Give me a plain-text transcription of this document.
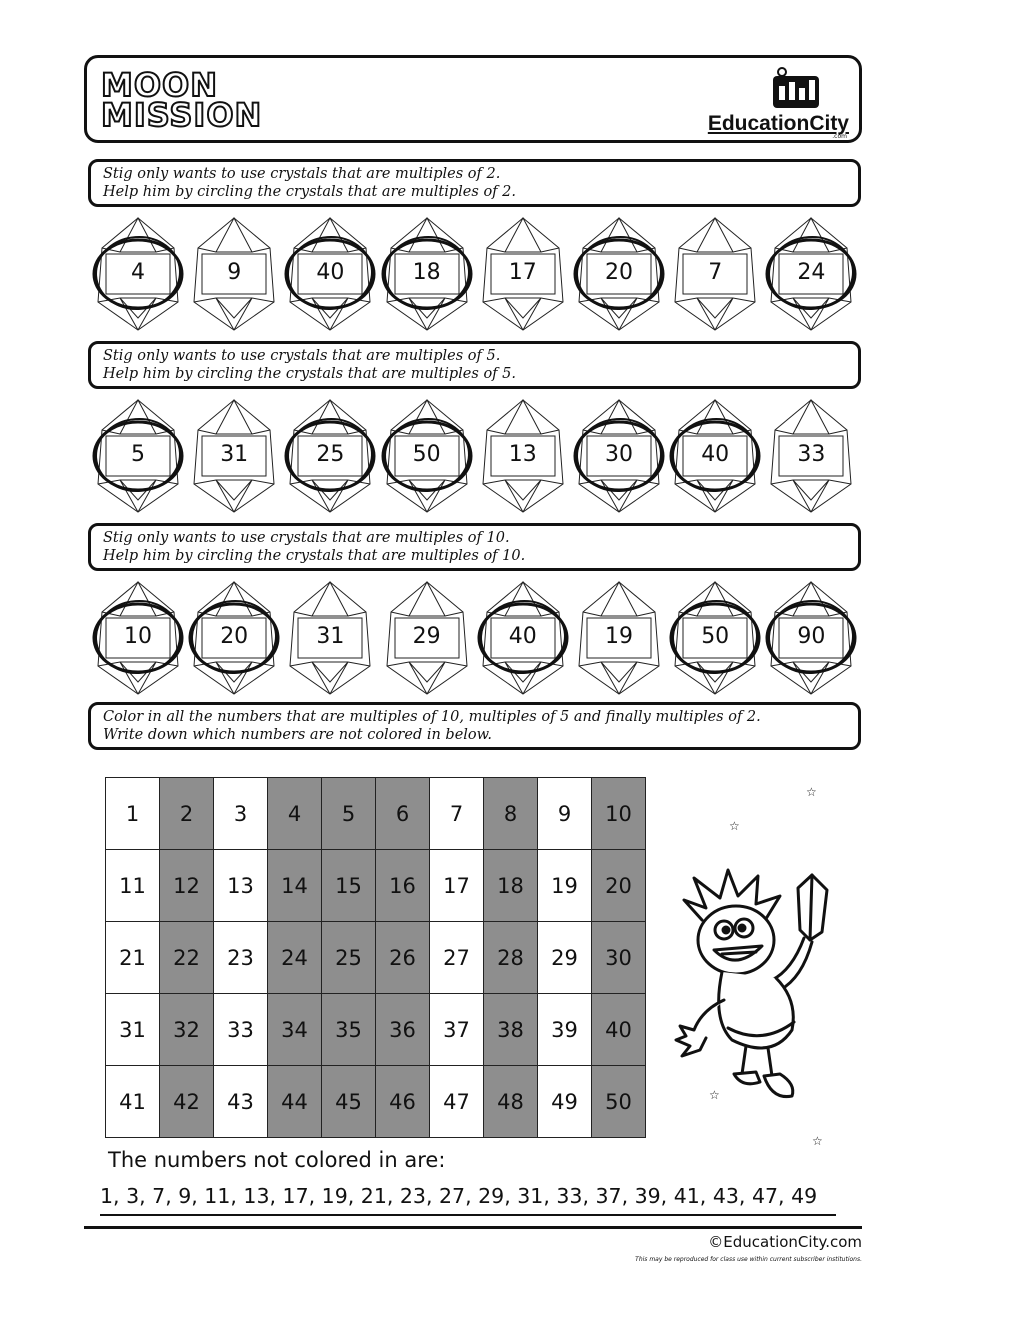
MOON
MISSION	EducationCity
.com
Stig only wants to use crystals that are multiples of 2.
Help him by circling the crystals that are multiples of 2.
4	9	40	18	17	20	7	24
Stig only wants to use crystals that are multiples of 5.
Help him by circling the crystals that are multiples of 5.
5	31	25	50	13	30	40	33
Stig only wants to use crystals that are multiples of 10.
Help him by circling the crystals that are multiples of 10.
10	20	31	29	40	19	50	90
Color in all the numbers that are multiples of 10, multiples of 5 and finally multiples of 2.
Write down which numbers are not colored in below.
1	2	3	4	5	6	7	8	9	10
11	12	13	14	15	16	17	18	19	20
21	22	23	24	25	26	27	28	29	30
31	32	33	34	35	36	37	38	39	40
41	42	43	44	45	46	47	48	49	50
☆
☆
☆
☆
The numbers not colored in are:
1, 3, 7, 9, 11, 13, 17, 19, 21, 23, 27, 29, 31, 33, 37, 39, 41, 43, 47, 49
©EducationCity.com
This may be reproduced for class use within current subscriber institutions.
